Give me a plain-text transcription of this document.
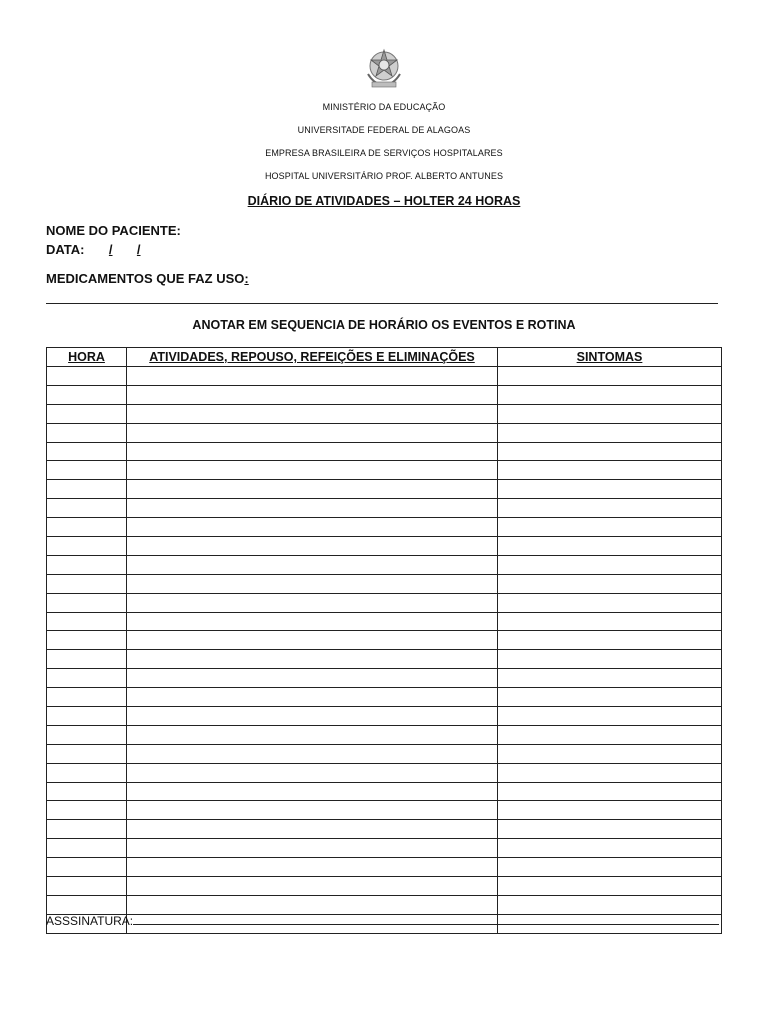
MINISTÉRIO DA EDUCAÇÃO
UNIVERSITADE FEDERAL DE ALAGOAS
EMPRESA BRASILEIRA DE SERVIÇOS HOSPITALARES
HOSPITAL UNIVERSITÁRIO PROF. ALBERTO ANTUNES
DIÁRIO DE ATIVIDADES – HOLTER 24 HORAS
NOME DO PACIENTE:
DATA: / /
MEDICAMENTOS QUE FAZ USO:
ANOTAR EM SEQUENCIA DE HORÁRIO OS EVENTOS E ROTINA
HORA	ATIVIDADES, REPOUSO, REFEIÇÕES E ELIMINAÇÕES	SINTOMAS

ASSSINATURA:
